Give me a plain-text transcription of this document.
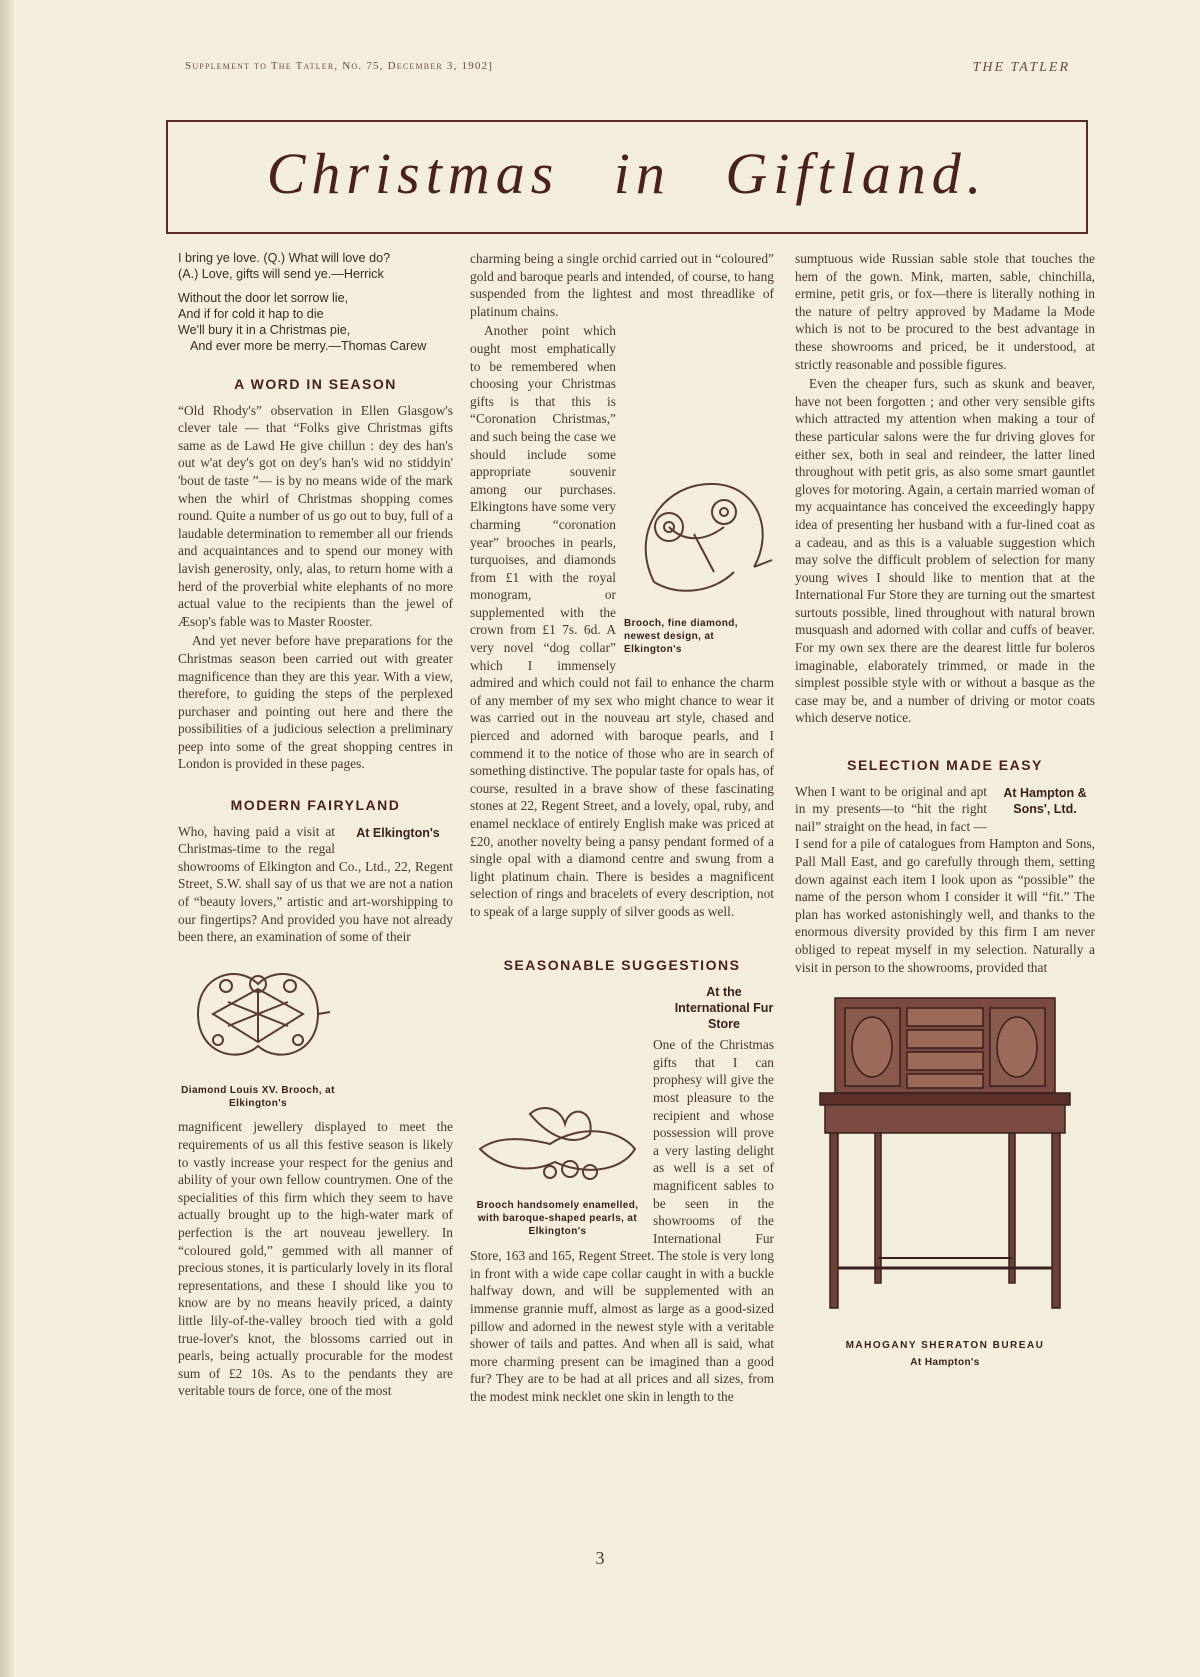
Supplement to The Tatler, No. 75, December 3, 1902]	THE TATLER
Christmas in Giftland.
I bring ye love. (Q.) What will love do?
(A.) Love, gifts will send ye.—Herrick
Without the door let sorrow lie,
And if for cold it hap to die
We'll bury it in a Christmas pie,
And ever more be merry.—Thomas Carew
A WORD IN SEASON

“Old Rhody's” observation in Ellen Glasgow's clever tale — that “Folks give Christmas gifts same as de Lawd He give chillun : dey des han's out w'at dey's got on dey's han's wid no stiddyin' 'bout de taste ”— is by no means wide of the mark when the whirl of Christmas shopping comes round. Quite a number of us go out to buy, full of a laudable determination to remember all our friends and acquaintances and to spend our money with lavish generosity, only, alas, to return home with a herd of the proverbial white elephants of no more actual value to the recipients than the jewel of Æsop's fable was to Master Rooster.

And yet never before have preparations for the Christmas season been carried out with greater magnificence than they are this year. With a view, therefore, to guiding the steps of the perplexed purchaser and pointing out here and there the possibilities of a judicious selection a preliminary peep into some of the great shopping centres in London is provided in these pages.

MODERN FAIRYLAND
At Elkington's

Who, having paid a visit at Christmas-time to the regal showrooms of Elkington and Co., Ltd., 22, Regent Street, S.W. shall say of us that we are not a nation of “beauty lovers,” artistic and art-worshipping to our fingertips? And provided you have not already been there, an examination of some of their

Diamond Louis XV. Brooch, at Elkington's

magnificent jewellery displayed to meet the requirements of us all this festive season is likely to vastly increase your respect for the genius and ability of your own fellow countrymen. One of the specialities of this firm which they seem to have actually brought up to the high-water mark of perfection is the art nouveau jewellery. In “coloured gold,” gemmed with all manner of precious stones, it is particularly lovely in its floral representations, and these I should like you to know are by no means heavily priced, a dainty little lily-of-the-valley brooch tied with a gold true-lover's knot, the blossoms carried out in pearls, being actually procurable for the modest sum of £2 10s. As to the pendants they are veritable tours de force, one of the most

charming being a single orchid carried out in “coloured” gold and baroque pearls and intended, of course, to hang suspended from the lightest and most threadlike of platinum chains.

Brooch, fine diamond, newest design, at Elkington's

Another point which ought most emphatically to be remembered when choosing your Christmas gifts is that this is “Coronation Christmas,” and such being the case we should include some appropriate souvenir among our purchases. Elkingtons have some very charming “coronation year” brooches in pearls, turquoises, and diamonds from £1 with the royal monogram, or supplemented with the crown from £1 7s. 6d. A very novel “dog collar” which I immensely admired and which could not fail to enhance the charm of any member of my sex who might chance to wear it was carried out in the nouveau art style, chased and pierced and adorned with baroque pearls, and I commend it to the notice of those who are in search of something distinctive. The popular taste for opals has, of course, resulted in a brave show of these fascinating stones at 22, Regent Street, and a lovely, opal, ruby, and enamel necklace of entirely English make was priced at £20, another novelty being a pansy pendant formed of a single opal with a diamond centre and swung from a light platinum chain. There is besides a magnificent selection of rings and bracelets of every description, not to speak of a large supply of silver goods as well.

SEASONABLE SUGGESTIONS
At the International Fur Store
Brooch handsomely enamelled, with baroque-shaped pearls, at Elkington's

One of the Christmas gifts that I can prophesy will give the most pleasure to the recipient and whose possession will prove a very lasting delight as well is a set of magnificent sables to be seen in the showrooms of the International Fur Store, 163 and 165, Regent Street. The stole is very long in front with a wide cape collar caught in with a buckle halfway down, and will be supplemented with an immense grannie muff, almost as large as a good-sized pillow and adorned in the newest style with a veritable shower of tails and pattes. And when all is said, what more charming present can be imagined than a good fur? They are to be had at all prices and all sizes, from the modest mink necklet one skin in length to the

sumptuous wide Russian sable stole that touches the hem of the gown. Mink, marten, sable, chinchilla, ermine, petit gris, or fox—there is literally nothing in the nature of peltry approved by Madame la Mode which is not to be procured to the best advantage in these showrooms and priced, be it understood, at strictly reasonable and possible figures.

Even the cheaper furs, such as skunk and beaver, have not been forgotten ; and other very sensible gifts which attracted my attention when making a tour of these particular salons were the fur driving gloves for either sex, both in seal and reindeer, the latter lined throughout with petit gris, as also some smart gauntlet gloves for motoring. Again, a certain married woman of my acquaintance has conceived the exceedingly happy idea of presenting her husband with a fur-lined coat as a cadeau, and as this is a valuable suggestion which may solve the difficult problem of selection for many young wives I should like to mention that at the International Fur Store they are turning out the smartest surtouts possible, lined throughout with natural brown musquash and adorned with collar and cuffs of beaver. For my own sex there are the dearest little fur boleros imaginable, elaborately trimmed, or made in the simplest possible style with or without a basque as the case may be, and a number of driving or motor coats which deserve notice.

SELECTION MADE EASY
At Hampton & Sons', Ltd.

When I want to be original and apt in my presents—to “hit the right nail” straight on the head, in fact — I send for a pile of catalogues from Hampton and Sons, Pall Mall East, and go carefully through them, setting down against each item I look upon as “possible” the name of the person whom I consider it will “fit.” The plan has worked astonishingly well, and thanks to the enormous diversity provided by this firm I am never obliged to repeat myself in my selection. Naturally a visit in person to the showrooms, provided that

MAHOGANY SHERATON BUREAU
At Hampton's
3
